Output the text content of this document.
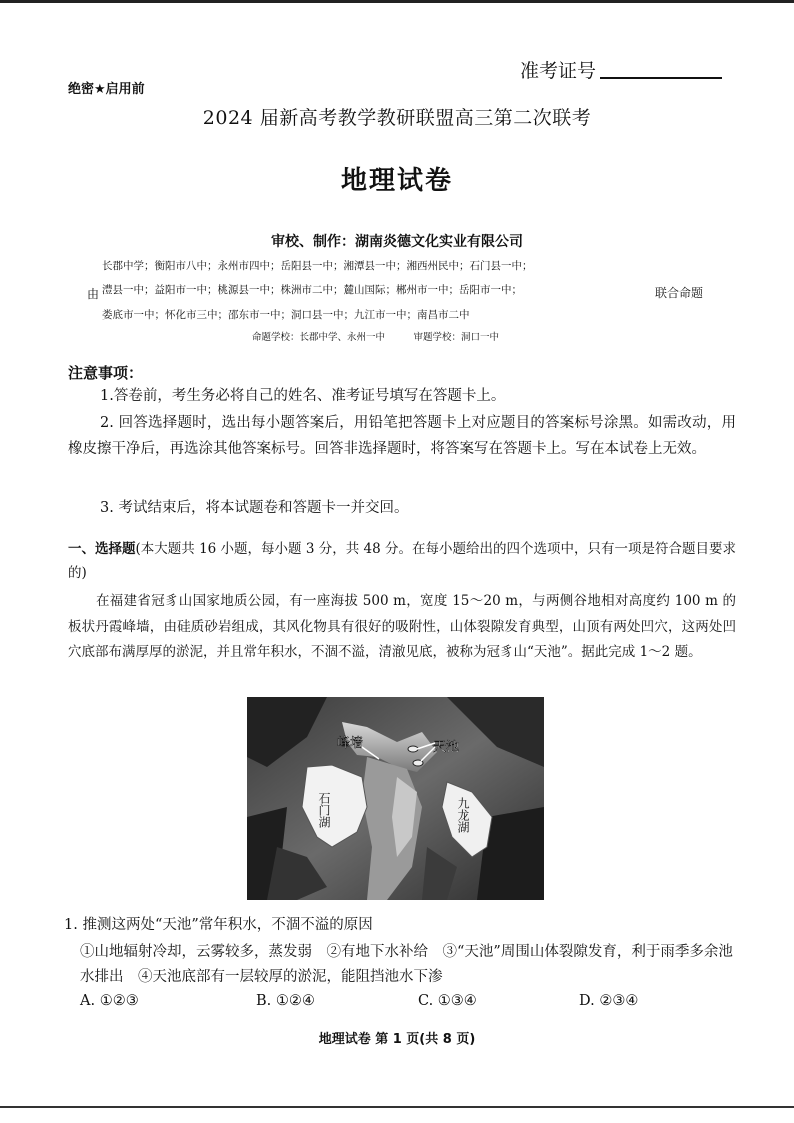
准考证号
绝密★启用前
2024 届新高考教学教研联盟高三第二次联考
地理试卷
审校、制作：湖南炎德文化实业有限公司
由
长郡中学；衡阳市八中；永州市四中；岳阳县一中；湘潭县一中；湘西州民中；石门县一中；
澧县一中；益阳市一中；桃源县一中；株洲市二中；麓山国际；郴州市一中；岳阳市一中；
娄底市一中；怀化市三中；邵东市一中；洞口县一中；九江市一中；南昌市二中
联合命题
命题学校：长郡中学、永州一中　　　审题学校：洞口一中
注意事项：
1.答卷前，考生务必将自己的姓名、准考证号填写在答题卡上。
2. 回答选择题时，选出每小题答案后，用铅笔把答题卡上对应题目的答案标号涂黑。如需改动，用橡皮擦干净后，再选涂其他答案标号。回答非选择题时，将答案写在答题卡上。写在本试卷上无效。
3. 考试结束后，将本试题卷和答题卡一并交回。
一、选择题(本大题共 16 小题，每小题 3 分，共 48 分。在每小题给出的四个选项中，只有一项是符合题目要求的)
在福建省冠豸山国家地质公园，有一座海拔 500 m，宽度 15～20 m，与两侧谷地相对高度约 100 m 的板状丹霞峰墙，由硅质砂岩组成，其风化物具有很好的吸附性，山体裂隙发育典型，山顶有两处凹穴，这两处凹穴底部布满厚厚的淤泥，并且常年积水，不涸不溢，清澈见底，被称为冠豸山“天池”。据此完成 1～2 题。
峰墙	天池
石门湖	九龙湖
1. 推测这两处“天池”常年积水，不涸不溢的原因
①山地辐射冷却，云雾较多，蒸发弱　②有地下水补给　③“天池”周围山体裂隙发育，利于雨季多余池水排出　④天池底部有一层较厚的淤泥，能阻挡池水下渗
A. ①②③	B. ①②④	C. ①③④	D. ②③④
地理试卷 第 1 页(共 8 页)
